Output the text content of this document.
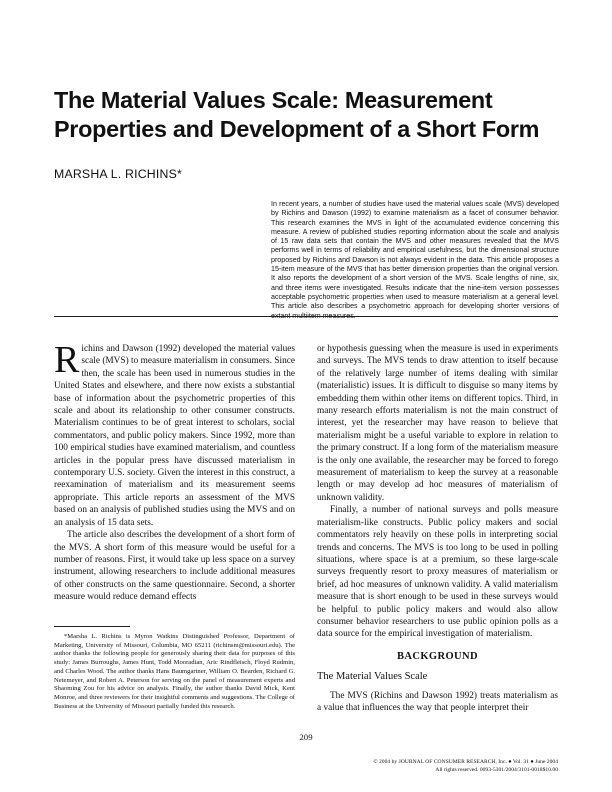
The Material Values Scale: Measurement Properties and Development of a Short Form

MARSHA L. RICHINS*

In recent years, a number of studies have used the material values scale (MVS) developed by Richins and Dawson (1992) to examine materialism as a facet of consumer behavior. This research examines the MVS in light of the accumulated evidence concerning this measure. A review of published studies reporting information about the scale and analysis of 15 raw data sets that contain the MVS and other measures revealed that the MVS performs well in terms of reliability and empirical usefulness, but the dimensional structure proposed by Richins and Dawson is not always evident in the data. This article proposes a 15-item measure of the MVS that has better dimension properties than the original version. It also reports the development of a short version of the MVS. Scale lengths of nine, six, and three items were investigated. Results indicate that the nine-item version possesses acceptable psychometric properties when used to measure materialism at a general level. This article also describes a psychometric approach for developing shorter versions of extant multiitem measures.

Richins and Dawson (1992) developed the material values scale (MVS) to measure materialism in consumers. Since then, the scale has been used in numerous studies in the United States and elsewhere, and there now exists a substantial base of information about the psychometric properties of this scale and about its relationship to other consumer constructs. Materialism continues to be of great interest to scholars, social commentators, and public policy makers. Since 1992, more than 100 empirical studies have examined materialism, and countless articles in the popular press have discussed materialism in contemporary U.S. society. Given the interest in this construct, a reexamination of materialism and its measurement seems appropriate. This article reports an assessment of the MVS based on an analysis of published studies using the MVS and on an analysis of 15 data sets.

The article also describes the development of a short form of the MVS. A short form of this measure would be useful for a number of reasons. First, it would take up less space on a survey instrument, allowing researchers to include additional measures of other constructs on the same questionnaire. Second, a shorter measure would reduce demand effects

*Marsha L. Richins is Myron Watkins Distinguished Professor, Department of Marketing, University of Missouri, Columbia, MO 65211 (richinsm@missouri.edu). The author thanks the following people for generously sharing their data for purposes of this study: James Burroughs, James Hunt, Todd Mooradian, Aric Rindfleisch, Floyd Rudmin, and Charles Wood. The author thanks Hans Baumgartner, William O. Bearden, Richard G. Netemeyer, and Robert A. Peterson for serving on the panel of measurement experts and Shaoming Zou for his advice on analysis. Finally, the author thanks David Mick, Kent Monroe, and three reviewers for their insightful comments and suggestions. The College of Business at the University of Missouri partially funded this research.

or hypothesis guessing when the measure is used in experiments and surveys. The MVS tends to draw attention to itself because of the relatively large number of items dealing with similar (materialistic) issues. It is difficult to disguise so many items by embedding them within other items on different topics. Third, in many research efforts materialism is not the main construct of interest, yet the researcher may have reason to believe that materialism might be a useful variable to explore in relation to the primary construct. If a long form of the materialism measure is the only one available, the researcher may be forced to forego measurement of materialism to keep the survey at a reasonable length or may develop ad hoc measures of materialism of unknown validity.

Finally, a number of national surveys and polls measure materialism-like constructs. Public policy makers and social commentators rely heavily on these polls in interpreting social trends and concerns. The MVS is too long to be used in polling situations, where space is at a premium, so these large-scale surveys frequently resort to proxy measures of materialism or brief, ad hoc measures of unknown validity. A valid materialism measure that is short enough to be used in these surveys would be helpful to public policy makers and would also allow consumer behavior researchers to use public opinion polls as a data source for the empirical investigation of materialism.

BACKGROUND
The Material Values Scale

The MVS (Richins and Dawson 1992) treats materialism as a value that influences the way that people interpret their

209

© 2004 by JOURNAL OF CONSUMER RESEARCH, Inc. ● Vol. 31 ● June 2004
All rights reserved. 0093-5301/2004/3101-0018$10.00
